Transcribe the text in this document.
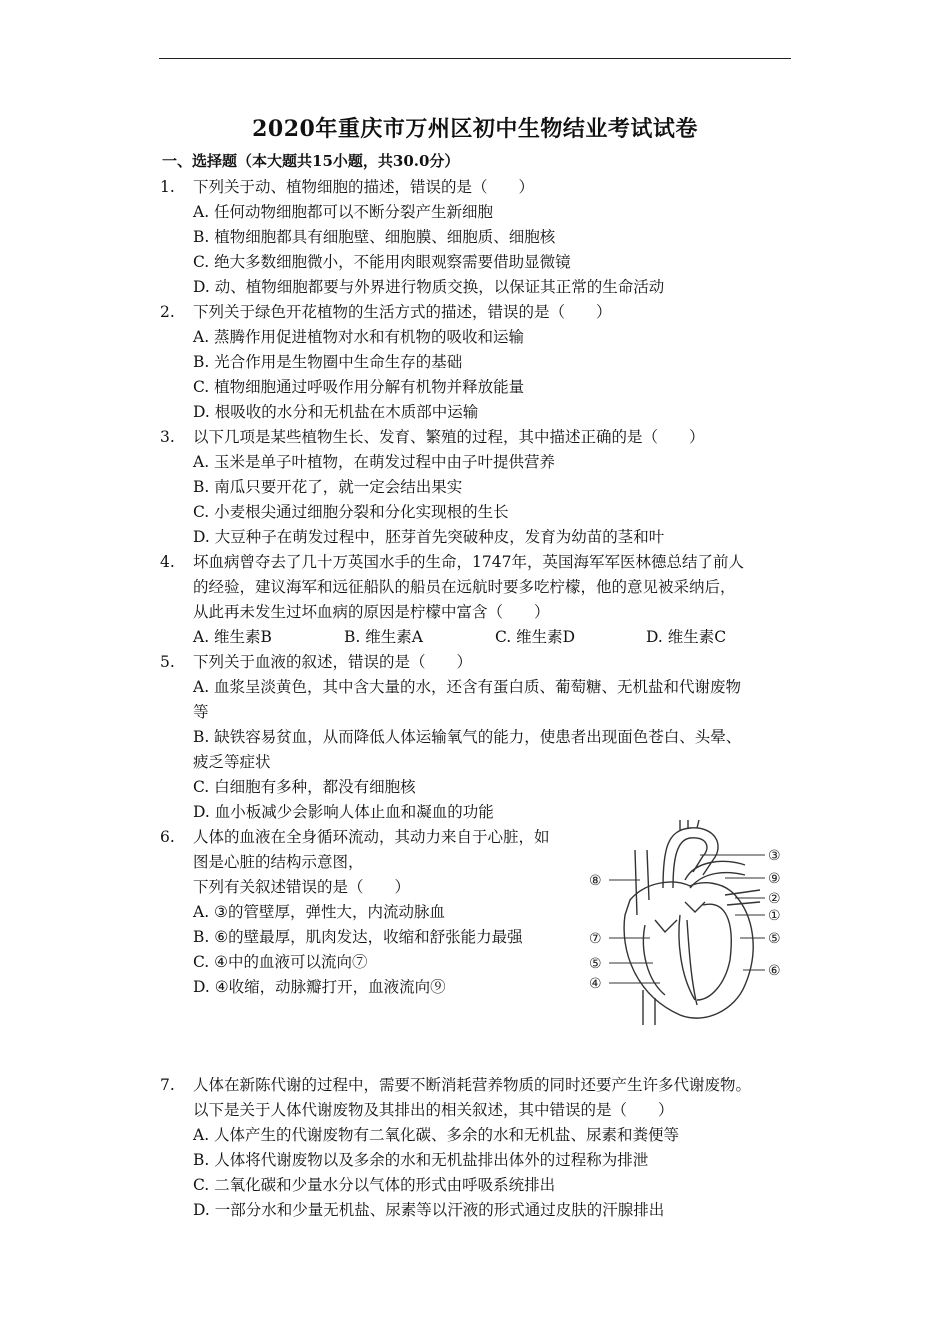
2020年重庆市万州区初中生物结业考试试卷
一、选择题（本大题共15小题，共30.0分）
1. 下列关于动、植物细胞的描述，错误的是（　　）
A. 任何动物细胞都可以不断分裂产生新细胞
B. 植物细胞都具有细胞壁、细胞膜、细胞质、细胞核
C. 绝大多数细胞微小，不能用肉眼观察需要借助显微镜
D. 动、植物细胞都要与外界进行物质交换，以保证其正常的生命活动
2. 下列关于绿色开花植物的生活方式的描述，错误的是（　　）
A. 蒸腾作用促进植物对水和有机物的吸收和运输
B. 光合作用是生物圈中生命生存的基础
C. 植物细胞通过呼吸作用分解有机物并释放能量
D. 根吸收的水分和无机盐在木质部中运输
3. 以下几项是某些植物生长、发育、繁殖的过程，其中描述正确的是（　　）
A. 玉米是单子叶植物，在萌发过程中由子叶提供营养
B. 南瓜只要开花了，就一定会结出果实
C. 小麦根尖通过细胞分裂和分化实现根的生长
D. 大豆种子在萌发过程中，胚芽首先突破种皮，发育为幼苗的茎和叶
4. 坏血病曾夺去了几十万英国水手的生命，1747年，英国海军军医林德总结了前人
的经验，建议海军和远征船队的船员在远航时要多吃柠檬，他的意见被采纳后，
从此再未发生过坏血病的原因是柠檬中富含（　　）
A. 维生素B	B. 维生素A	C. 维生素D	D. 维生素C
5. 下列关于血液的叙述，错误的是（　　）
A. 血浆呈淡黄色，其中含大量的水，还含有蛋白质、葡萄糖、无机盐和代谢废物
等
B. 缺铁容易贫血，从而降低人体运输氧气的能力，使患者出现面色苍白、头晕、
疲乏等症状
C. 白细胞有多种，都没有细胞核
D. 血小板减少会影响人体止血和凝血的功能
6. 人体的血液在全身循环流动，其动力来自于心脏，如
图是心脏的结构示意图，
下列有关叙述错误的是（　　）
A. ③的管壁厚，弹性大，内流动脉血
B. ⑥的壁最厚，肌肉发达，收缩和舒张能力最强
C. ④中的血液可以流向⑦
D. ④收缩，动脉瓣打开，血液流向⑨
⑧
⑦
⑤
④
③
⑨
②
①
⑤
⑥
7. 人体在新陈代谢的过程中，需要不断消耗营养物质的同时还要产生许多代谢废物。
以下是关于人体代谢废物及其排出的相关叙述，其中错误的是（　　）
A. 人体产生的代谢废物有二氧化碳、多余的水和无机盐、尿素和粪便等
B. 人体将代谢废物以及多余的水和无机盐排出体外的过程称为排泄
C. 二氧化碳和少量水分以气体的形式由呼吸系统排出
D. 一部分水和少量无机盐、尿素等以汗液的形式通过皮肤的汗腺排出
